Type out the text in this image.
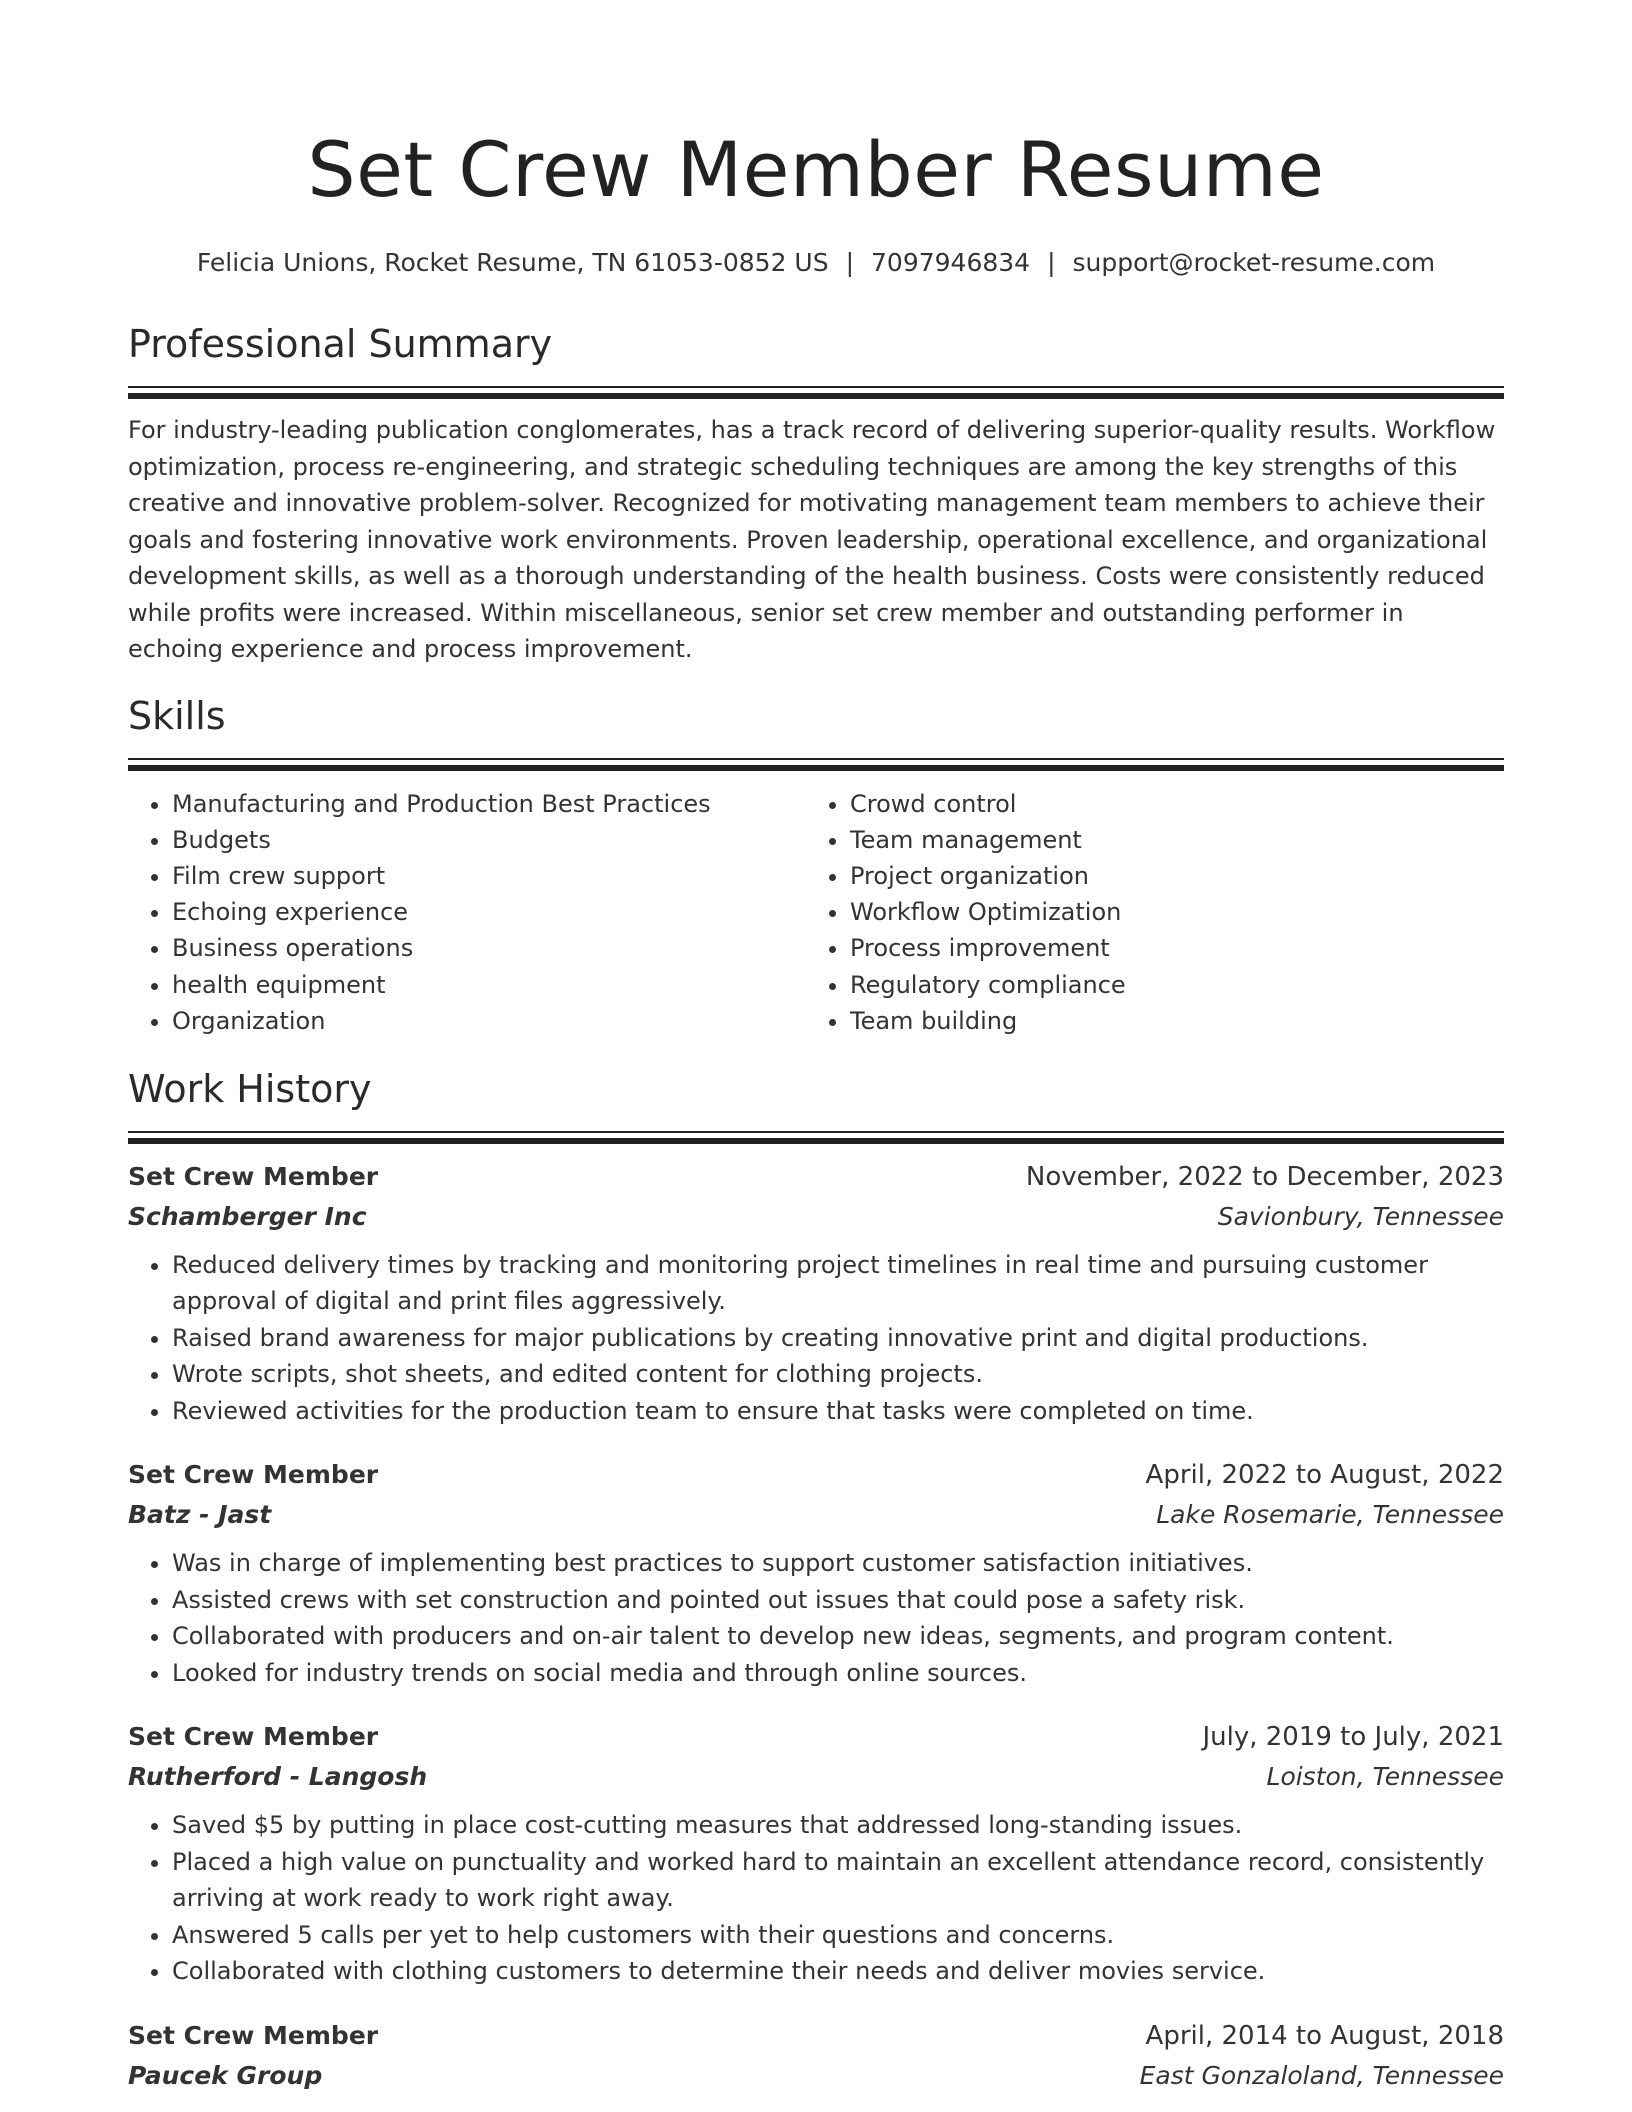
Set Crew Member Resume
Felicia Unions, Rocket Resume, TN 61053-0852 US | 7097946834 | support@rocket-resume.com
Professional Summary

For industry-leading publication conglomerates, has a track record of delivering superior-quality results. Workflow optimization, process re-engineering, and strategic scheduling techniques are among the key strengths of this creative and innovative problem-solver. Recognized for motivating management team members to achieve their goals and fostering innovative work environments. Proven leadership, operational excellence, and organizational development skills, as well as a thorough understanding of the health business. Costs were consistently reduced while profits were increased. Within miscellaneous, senior set crew member and outstanding performer in echoing experience and process improvement.

Skills
• Manufacturing and Production Best Practices
• Budgets
• Film crew support
• Echoing experience
• Business operations
• health equipment
• Organization
• Crowd control
• Team management
• Project organization
• Workflow Optimization
• Process improvement
• Regulatory compliance
• Team building
Work History
Set Crew Member	November, 2022 to December, 2023
Schamberger Inc	Savionbury, Tennessee
• Reduced delivery times by tracking and monitoring project timelines in real time and pursuing customer approval of digital and print files aggressively.
• Raised brand awareness for major publications by creating innovative print and digital productions.
• Wrote scripts, shot sheets, and edited content for clothing projects.
• Reviewed activities for the production team to ensure that tasks were completed on time.
Set Crew Member	April, 2022 to August, 2022
Batz - Jast	Lake Rosemarie, Tennessee
• Was in charge of implementing best practices to support customer satisfaction initiatives.
• Assisted crews with set construction and pointed out issues that could pose a safety risk.
• Collaborated with producers and on-air talent to develop new ideas, segments, and program content.
• Looked for industry trends on social media and through online sources.
Set Crew Member	July, 2019 to July, 2021
Rutherford - Langosh	Loiston, Tennessee
• Saved $5 by putting in place cost-cutting measures that addressed long-standing issues.
• Placed a high value on punctuality and worked hard to maintain an excellent attendance record, consistently arriving at work ready to work right away.
• Answered 5 calls per yet to help customers with their questions and concerns.
• Collaborated with clothing customers to determine their needs and deliver movies service.
Set Crew Member	April, 2014 to August, 2018
Paucek Group	East Gonzaloland, Tennessee
